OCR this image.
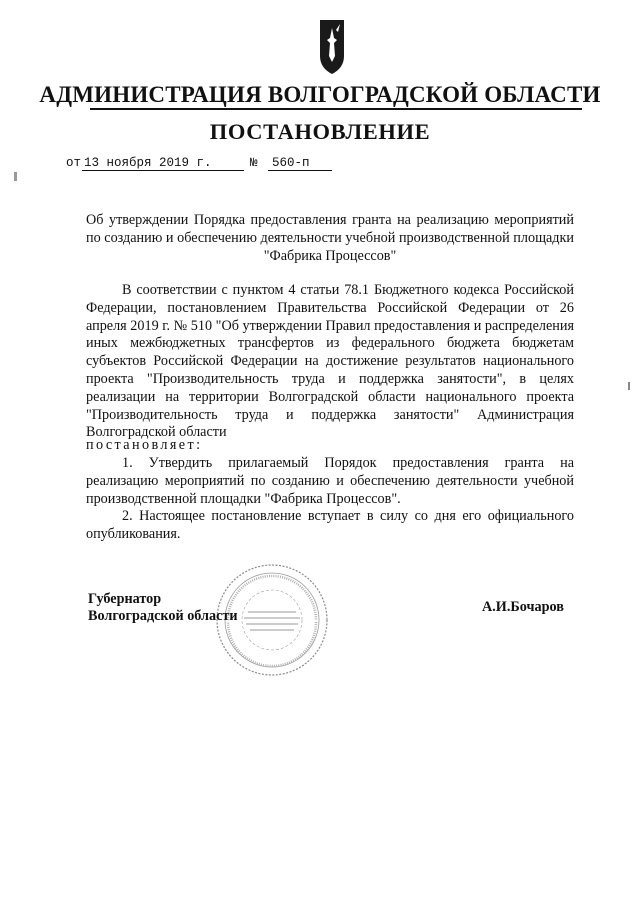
АДМИНИСТРАЦИЯ ВОЛГОГРАДСКОЙ ОБЛАСТИ
ПОСТАНОВЛЕНИЕ
от 13 ноября 2019 г.	№	560-п
Об утверждении Порядка предоставления гранта на реализацию мероприятий по созданию и обеспечению деятельности учебной производственной площадки "Фабрика Процессов"
В соответствии с пунктом 4 статьи 78.1 Бюджетного кодекса Российской Федерации, постановлением Правительства Российской Федерации от 26 апреля 2019 г. № 510 "Об утверждении Правил предоставления и распределения иных межбюджетных трансфертов из федерального бюджета бюджетам субъектов Российской Федерации на достижение результатов национального проекта "Производительность труда и поддержка занятости", в целях реализации на территории Волгоградской области национального проекта "Производительность труда и поддержка занятости" Администрация Волгоградской области
постановляет:
1. Утвердить прилагаемый Порядок предоставления гранта на реализацию мероприятий по созданию и обеспечению деятельности учебной производственной площадки "Фабрика Процессов".
2. Настоящее постановление вступает в силу со дня его официального опубликования.
Губернатор
Волгоградской области
А.И.Бочаров
